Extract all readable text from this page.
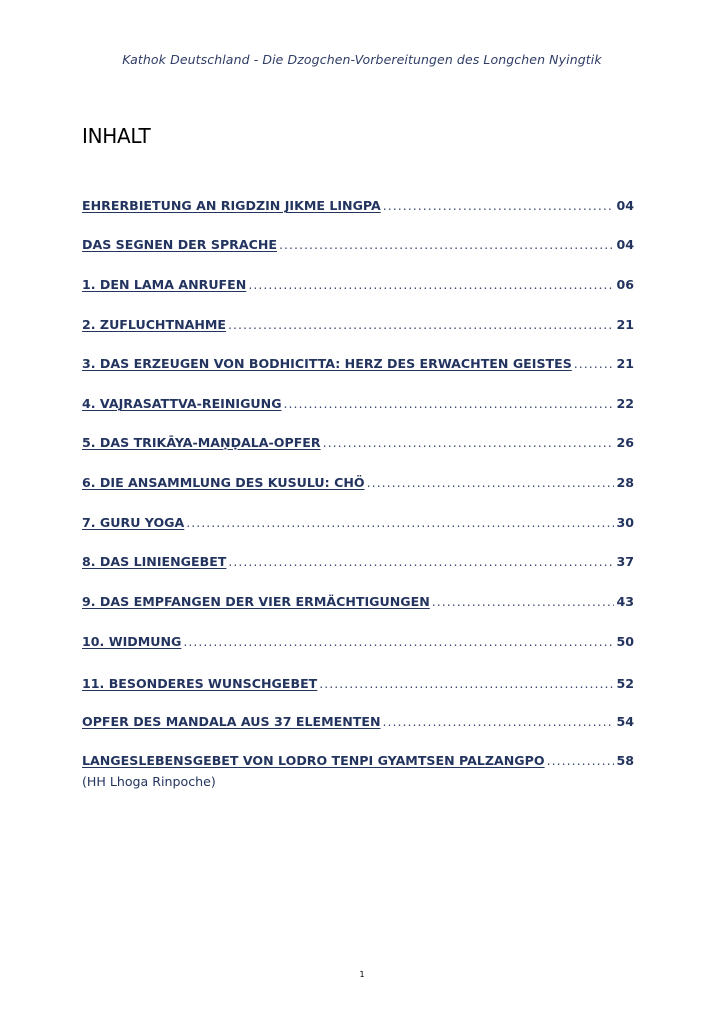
Kathok Deutschland - Die Dzogchen-Vorbereitungen des Longchen Nyingtik
INHALT
EHRERBIETUNG AN RIGDZIN JIKME LINGPA .....	04
DAS SEGNEN DER SPRACHE .....	04
1. DEN LAMA ANRUFEN .....	06
2. ZUFLUCHTNAHME .....	21
3. DAS ERZEUGEN VON BODHICITTA: HERZ DES ERWACHTEN GEISTES .....	21
4. VAJRASATTVA-REINIGUNG .....	22
5. DAS TRIKĀYA-MAṆḌALA-OPFER .....	26
6. DIE ANSAMMLUNG DES KUSULU: CHÖ .....	28
7. GURU YOGA .....	30
8. DAS LINIENGEBET .....	37
9. DAS EMPFANGEN DER VIER ERMÄCHTIGUNGEN .....	43
10. WIDMUNG .....	50
11. BESONDERES WUNSCHGEBET .....	52
OPFER DES MANDALA AUS 37 ELEMENTEN .....	54
LANGESLEBENSGEBET VON LODRO TENPI GYAMTSEN PALZANGPO .....	58
(HH Lhoga Rinpoche)
1
